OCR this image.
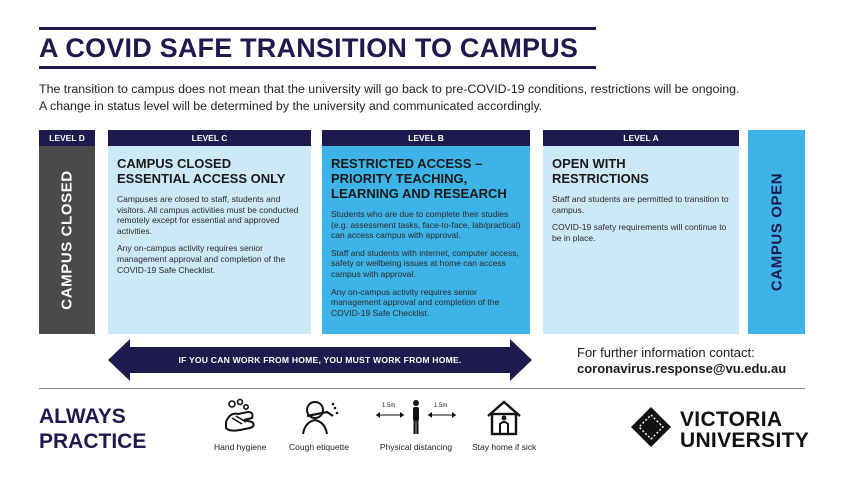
A COVID SAFE TRANSITION TO CAMPUS
The transition to campus does not mean that the university will go back to pre-COVID-19 conditions, restrictions will be ongoing.
A change in status level will be determined by the university and communicated accordingly.
LEVEL D	LEVEL C	LEVEL B	LEVEL A
CAMPUS CLOSED
CAMPUS CLOSED
ESSENTIAL ACCESS ONLY

Campuses are closed to staff, students and visitors. All campus activities must be conducted remotely except for essential and approved activities.

Any on-campus activity requires senior management approval and completion of the COVID-19 Safe Checklist.

RESTRICTED ACCESS –
PRIORITY TEACHING,
LEARNING AND RESEARCH

Students who are due to complete their studies (e.g. assessment tasks, face-to-face, lab/practical) can access campus with approval.

Staff and students with internet, computer access, safety or wellbeing issues at home can access campus with approval.

Any on-campus activity requires senior management approval and completion of the COVID-19 Safe Checklist.

OPEN WITH
RESTRICTIONS

Staff and students are permitted to transition to campus.

COVID-19 safety requirements will continue to be in place.	CAMPUS OPEN
IF YOU CAN WORK FROM HOME, YOU MUST WORK FROM HOME.	For further information contact:
coronavirus.response@vu.edu.au
ALWAYS
PRACTICE	Hand hygiene	Cough etiquette
1.5m	1.5m
Physical distancing	Stay home if sick
VICTORIA
UNIVERSITY
